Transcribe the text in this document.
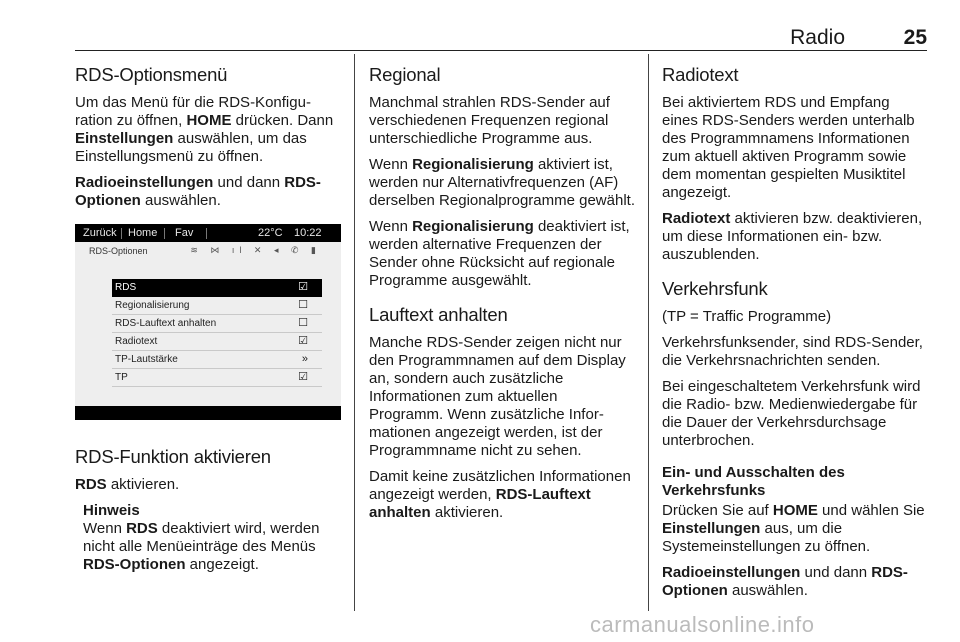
Radio	25
RDS-Optionsmenü

Um das Menü für die RDS-Konfiguration zu öffnen, HOME drücken. Dann Einstellungen auswählen, um das Einstellungsmenü zu öffnen.

Radioeinstellungen und dann RDS-Optionen auswählen.

Zurück Home Fav	22°C 10:22
RDS-Optionen	≋ ⋈ ıl ✕ ◂ ✆ ▮
RDS	☑
Regionalisierung	☐
RDS-Lauftext anhalten	☐
Radiotext	☑
TP-Lautstärke	»
TP	☑
RDS-Funktion aktivieren

RDS aktivieren.

Hinweis

Wenn RDS deaktiviert wird, werden nicht alle Menüeinträge des Menüs RDS-Optionen angezeigt.

Regional

Manchmal strahlen RDS-Sender auf verschiedenen Frequenzen regional unterschiedliche Programme aus.

Wenn Regionalisierung aktiviert ist, werden nur Alternativfrequenzen (AF) derselben Regionalprogramme gewählt.

Wenn Regionalisierung deaktiviert ist, werden alternative Frequenzen der Sender ohne Rücksicht auf regionale Programme ausgewählt.

Lauftext anhalten

Manche RDS-Sender zeigen nicht nur den Programmnamen auf dem Display an, sondern auch zusätzliche Informationen zum aktuellen Programm. Wenn zusätzliche Informationen angezeigt werden, ist der Programmname nicht zu sehen.

Damit keine zusätzlichen Informationen angezeigt werden, RDS-Lauftext anhalten aktivieren.

Radiotext

Bei aktiviertem RDS und Empfang eines RDS-Senders werden unterhalb des Programmnamens Informationen zum aktuell aktiven Programm sowie dem momentan gespielten Musiktitel angezeigt.

Radiotext aktivieren bzw. deaktivieren, um diese Informationen ein- bzw. auszublenden.

Verkehrsfunk

(TP = Traffic Programme)

Verkehrsfunksender, sind RDS-Sender, die Verkehrsnachrichten senden.

Bei eingeschaltetem Verkehrsfunk wird die Radio- bzw. Medienwiedergabe für die Dauer der Verkehrsdurchsage unterbrochen.

Ein- und Ausschalten des Verkehrsfunks

Drücken Sie auf HOME und wählen Sie Einstellungen aus, um die Systemeinstellungen zu öffnen.

Radioeinstellungen und dann RDS-Optionen auswählen.

carmanualsonline.info
